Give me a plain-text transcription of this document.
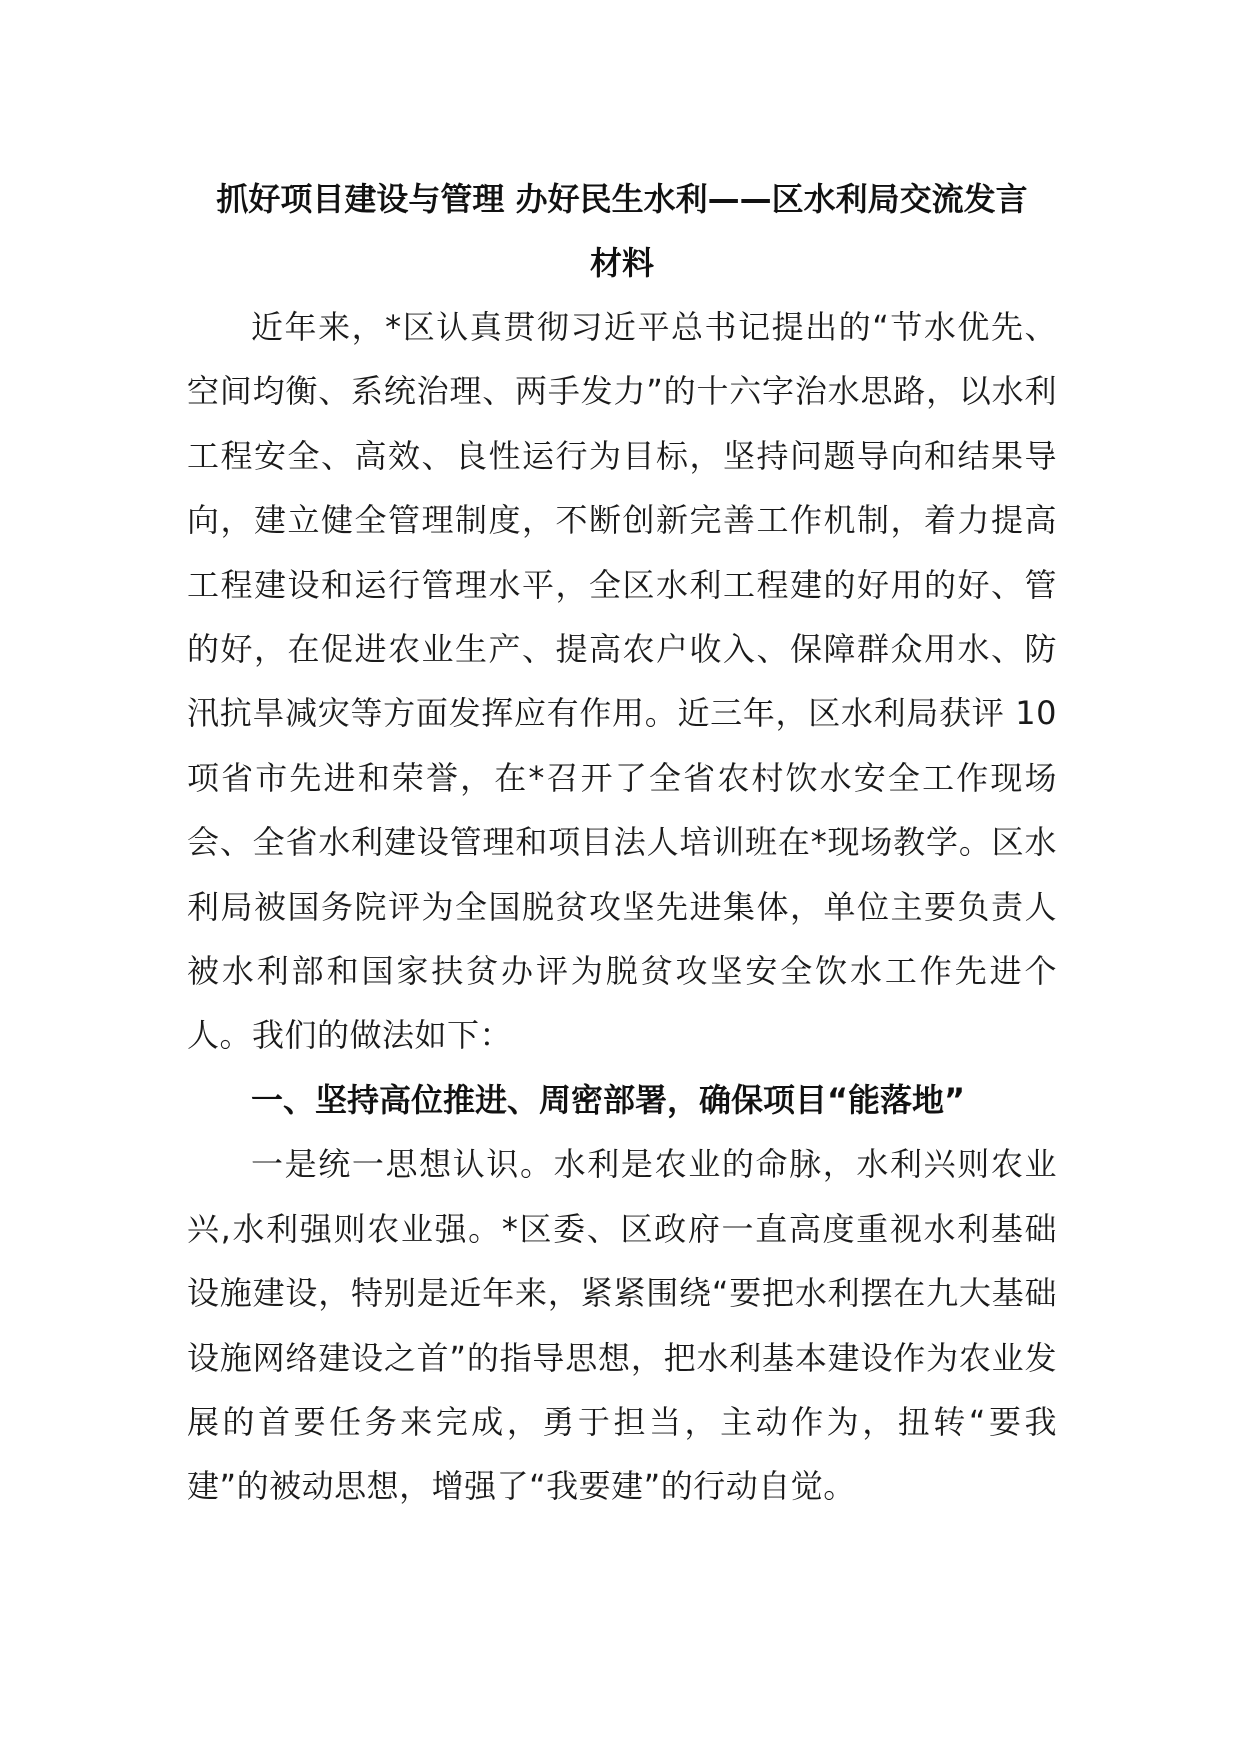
抓好项目建设与管理 办好民生水利——区水利局交流发言
材料

近年来，*区认真贯彻习近平总书记提出的“节水优先、空间均衡、系统治理、两手发力”的十六字治水思路，以水利工程安全、高效、良性运行为目标，坚持问题导向和结果导向，建立健全管理制度，不断创新完善工作机制，着力提高工程建设和运行管理水平，全区水利工程建的好用的好、管的好，在促进农业生产、提高农户收入、保障群众用水、防汛抗旱减灾等方面发挥应有作用。近三年，区水利局获评 10 项省市先进和荣誉，在*召开了全省农村饮水安全工作现场会、全省水利建设管理和项目法人培训班在*现场教学。区水利局被国务院评为全国脱贫攻坚先进集体，单位主要负责人被水利部和国家扶贫办评为脱贫攻坚安全饮水工作先进个人。我们的做法如下：

一、坚持高位推进、周密部署，确保项目“能落地”

一是统一思想认识。水利是农业的命脉，水利兴则农业兴,水利强则农业强。*区委、区政府一直高度重视水利基础设施建设，特别是近年来，紧紧围绕“要把水利摆在九大基础设施网络建设之首”的指导思想，把水利基本建设作为农业发展的首要任务来完成，勇于担当，主动作为，扭转“要我建”的被动思想，增强了“我要建”的行动自觉。
